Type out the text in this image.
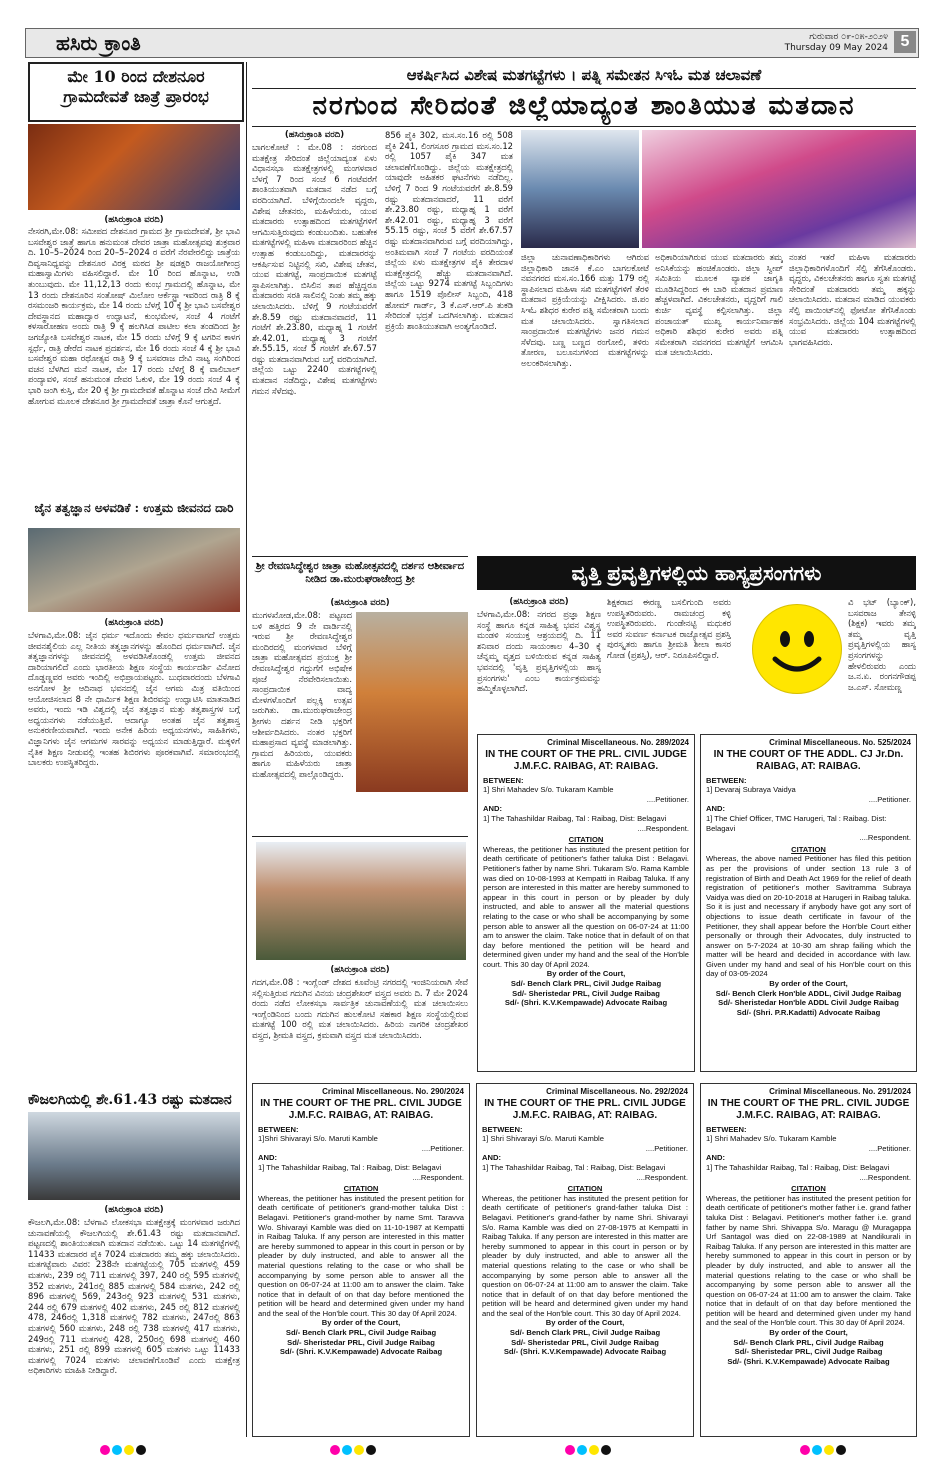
ಹಸಿರು ಕ್ರಾಂತಿ	ಗುರುವಾರ ೦೯-೦೫-೨೦೨೪
Thursday 09 May 2024 5
ಮೇ 10 ರಿಂದ ದೇಶನೂರ
ಗ್ರಾಮದೇವತೆ ಜಾತ್ರೆ ಪ್ರಾರಂಭ
(ಹಸಿರುಕ್ರಾಂತಿ ವರದಿ)
ನೇಸರಗಿ,ಮೇ.08: ಸಮೀಪದ ದೇಶನೂರ ಗ್ರಾಮದ ಶ್ರೀ ಗ್ರಾಮದೇವತೆ, ಶ್ರೀ ಭಾವಿ ಬಸವೇಶ್ವರ ಜಾತ್ರೆ ಹಾಗೂ ಹನುಮಂತ ದೇವರ ಜಾತ್ರಾ ಮಹೋತ್ಸವವು ಶುಕ್ರವಾರ ದಿ. 10–5–2024 ರಿಂದ 20–5–2024 ರ ವರೆಗೆ ನೆರವೇರಲಿದ್ದು ಜಾತ್ರೆಯ ದಿವ್ಯಸಾನಿಧ್ಯವನ್ನು ದೇಶನೂರ ವಿರಕ್ತ ಮಠದ ಶ್ರೀ ಷಡಕ್ಷರಿ ರಾಜಯೋಗೀಂದ್ರ ಮಹಾಸ್ವಾಮಿಗಳು ವಹಿಸಲಿದ್ದಾರೆ. ಮೇ 10 ರಿಂದ ಹೊನ್ನಾಟ, ಉಡಿ ತುಂಬುವುದು. ಮೇ 11,12,13 ರಂದು ಕುಂಭ ಗ್ರಾಮದಲ್ಲಿ ಹೊನ್ನಾಟ, ಮೇ 13 ರಂದು ದೇಶನೂರಿನ ಸಂತೋಷ್ ಮಿಲೋಂ ಆರ್ಕೆಸ್ಟ್ರಾ ಇವರಿಂದ ರಾತ್ರಿ 8 ಕ್ಕೆ ರಸಮಂಜರಿ ಕಾರ್ಯಕ್ರಮ, ಮೇ 14 ರಂದು ಬೆಳಗ್ಗೆ 10 ಕ್ಕೆ ಶ್ರೀ ಭಾವಿ ಬಸವೇಶ್ವರ ದೇವಸ್ಥಾನದ ಮಹಾದ್ವಾರ ಉದ್ಘಾಟನೆ, ಕುಂಭಮೇಳ, ಸಂಜೆ 4 ಗಂಟೆಗೆ ಕಳಸಾರೋಹಣ ಅಂದು ರಾತ್ರಿ 9 ಕ್ಕೆ ಹಲಗಿಸಿಡ ಪಾಟೀಲ ಕಲಾ ತಂಡದಿಂದ ಶ್ರೀ ಜಗಜ್ಯೋತಿ ಬಸವೇಶ್ವರ ನಾಟಕ, ಮೇ 15 ರಂದು ಬೆಳಿಗ್ಗೆ 9 ಕ್ಕೆ ಟಗರಿನ ಕಾಳಗ ಸ್ಪರ್ಧೆ, ರಾತ್ರಿ ಡೇರೆದ ನಾಟಕ ಪ್ರದರ್ಶನ, ಮೇ 16 ರಂದು ಸಂಜೆ 4 ಕ್ಕೆ ಶ್ರೀ ಭಾವಿ ಬಸವೇಶ್ವರ ಮಹಾ ರಥೋತ್ಸವ ರಾತ್ರಿ 9 ಕ್ಕೆ ಬಸವರಾಜ ದೇವಿ ನಾಟ್ಯ ಸಂಗಿರಿಂದ ವಚನ ಬೆಳಗಿದ ಮನೆ ನಾಟಕ, ಮೇ 17 ರಂದು ಬೆಳಿಗ್ಗೆ 8 ಕ್ಕೆ ವಾಲಿಬಾಲ್ ಪಂದ್ಯಾವಳಿ, ಸಂಜೆ ಹನುಮಂತ ದೇವರ ಓಕುಳಿ, ಮೇ 19 ರಂದು ಸಂಜೆ 4 ಕ್ಕೆ ಭಾರಿ ಜಂಗಿ ಕುಸ್ತಿ, ಮೇ 20 ಕ್ಕೆ ಶ್ರೀ ಗ್ರಾಮದೇವತೆ ಹೊನ್ನಾಟ ಸಂಜೆ ದೇವಿ ಸೀಮೆಗೆ ಹೋಗುವ ಮೂಲಕ ದೇಶನೂರ ಶ್ರೀ ಗ್ರಾಮದೇವತೆ ಜಾತ್ರಾ ಕೊನೆ ಆಗುತ್ತದೆ.
ಜೈನ ತತ್ವಜ್ಞಾನ ಅಳವಡಿಕೆ : ಉತ್ತಮ ಜೀವನದ ದಾರಿ
(ಹಸಿರುಕ್ರಾಂತಿ ವರದಿ)
ಬೆಳಗಾವಿ,ಮೇ.08: ಜೈನ ಧರ್ಮ ಇದೊಂದು ಕೇವಲ ಧರ್ಮವಾಗದೆ ಉತ್ತಮ ಜೀವನಶೈಲಿಯ ಎಲ್ಲ ನೀತಿಯ ತತ್ವಜ್ಞಾನಗಳನ್ನು ಹೊಂದಿದ ಧರ್ಮವಾಗಿದೆ. ಜೈನ ತತ್ವಜ್ಞಾನಗಳನ್ನು ಜೀವನದಲ್ಲಿ ಅಳವಡಿಸಿಕೊಂಡಲ್ಲಿ ಉತ್ತಮ ಜೀವನದ ದಾರಿಯಾಗಲಿದೆ ಎಂದು ಭಾರತೀಯ ಶಿಕ್ಷಣ ಸಂಸ್ಥೆಯ ಕಾರ್ಯದರ್ಶಿ ವಿನೋದ ದೊಡ್ಡಣ್ಣವರ ಅವರು ಇಂದಿಲ್ಲಿ ಅಭಿಪ್ರಾಯಪಟ್ಟರು. ಬುಧವಾರದಂದು ಬೆಳಗಾವಿ ಅನಗೋಳ ಶ್ರೀ ಆದಿನಾಥ ಭವನದಲ್ಲಿ ಜೈನ ಆಗಮ ಮಿತ್ರ ವತಿಯಿಂದ ಆಯೋಜಿಸಲಾದ 8 ನೇ ಧಾರ್ಮಿಕ ಶಿಕ್ಷಣ ಶಿಬಿರವನ್ನು ಉದ್ಘಾಟಿಸಿ ಮಾತನಾಡಿದ ಅವರು, ಇಂದು ಇಡಿ ವಿಶ್ವದಲ್ಲಿ ಜೈನ ತತ್ವಜ್ಞಾನ ಮತ್ತು ತತ್ವಶಾಸ್ತ್ರಗಳ ಬಗ್ಗೆ ಅಧ್ಯಯನಗಳು ನಡೆಯುತ್ತಿವೆ. ಆದಾಗ್ಯೂ ಅಂತಹ ಜೈನ ತತ್ವಶಾಸ್ತ್ರ ಅನುಕರಣೀಯವಾಗಿದೆ. ಇಂದು ಅನೇಕ ಹಿರಿಯ ಅಧ್ಯಯನಗಳು, ಸಾಹಿತಿಗಳು, ವಿಜ್ಞಾನಿಗಳು ಜೈನ ಆಗಮಗಳ ಸಾರವನ್ನು ಅಧ್ಯಯನ ಮಾಡುತ್ತಿದ್ದಾರೆ. ಮಕ್ಕಳಿಗೆ ನೈತಿಕ ಶಿಕ್ಷಣ ನೀಡುವಲ್ಲಿ ಇಂತಹ ಶಿಬಿರಗಳು ಪೂರಕವಾಗಿವೆ. ಸಮಾರಂಭದಲ್ಲಿ ಬಾಲಕರು ಉಪಸ್ಥಿತರಿದ್ದರು.
ಕೌಜಲಗಿಯಲ್ಲಿ ಶೇ.61.43 ರಷ್ಟು ಮತದಾನ
(ಹಸಿರುಕ್ರಾಂತಿ ವರದಿ)
ಕೌಜಲಗಿ,ಮೇ.08: ಬೆಳಗಾವಿ ಲೋಕಸಭಾ ಮತಕ್ಷೇತ್ರಕ್ಕೆ ಮಂಗಳವಾರ ಜರುಗಿದ ಚುನಾವಣೆಯಲ್ಲಿ ಕೌಜಲಗಿಯಲ್ಲಿ ಶೇ.61.43 ರಷ್ಟು ಮತದಾನವಾಗಿದೆ. ಪಟ್ಟಣದಲ್ಲಿ ಶಾಂತಿಯುತವಾಗಿ ಮತದಾನ ನಡೆಯಿತು. ಒಟ್ಟು 14 ಮತಗಟ್ಟೆಗಳಲ್ಲಿ 11433 ಮತದಾರರ ಪೈಕಿ 7024 ಮತದಾರರು ತಮ್ಮ ಹಕ್ಕು ಚಲಾಯಿಸಿದರು. ಮತಗಟ್ಟೆವಾರು ವಿವರ: 238ನೇ ಮತಗಟ್ಟೆಯಲ್ಲಿ 705 ಮತಗಳಲ್ಲಿ 459 ಮತಗಳು, 239 ರಲ್ಲಿ 711 ಮತಗಳಲ್ಲಿ 397, 240 ರಲ್ಲಿ 595 ಮತಗಳಲ್ಲಿ 352 ಮತಗಳು, 241ರಲ್ಲಿ 885 ಮತಗಳಲ್ಲಿ 584 ಮತಗಳು, 242 ರಲ್ಲಿ 896 ಮತಗಳಲ್ಲಿ 569, 243ರಲ್ಲಿ 923 ಮತಗಳಲ್ಲಿ 531 ಮತಗಳು, 244 ರಲ್ಲಿ 679 ಮತಗಳಲ್ಲಿ 402 ಮತಗಳು, 245 ರಲ್ಲಿ 812 ಮತಗಳಲ್ಲಿ 478, 246ರಲ್ಲಿ 1,318 ಮತಗಳಲ್ಲಿ 782 ಮತಗಳು, 247ರಲ್ಲಿ 863 ಮತಗಳಲ್ಲಿ 560 ಮತಗಳು, 248 ರಲ್ಲಿ 738 ಮತಗಳಲ್ಲಿ 417 ಮತಗಳು, 249ರಲ್ಲಿ 711 ಮತಗಳಲ್ಲಿ 428, 250ರಲ್ಲಿ 698 ಮತಗಳಲ್ಲಿ 460 ಮತಗಳು, 251 ರಲ್ಲಿ 899 ಮತಗಳಲ್ಲಿ 605 ಮತಗಳು ಒಟ್ಟು 11433 ಮತಗಳಲ್ಲಿ 7024 ಮತಗಳು ಚಲಾವಣೆಗೊಂಡಿವೆ ಎಂದು ಮತಕ್ಷೇತ್ರ ಅಧಿಕಾರಿಗಳು ಮಾಹಿತಿ ನೀಡಿದ್ದಾರೆ.
ಆಕರ್ಷಿಸಿದ ವಿಶೇಷ ಮತಗಟ್ಟೆಗಳು । ಪತ್ನಿ ಸಮೇತನ ಸಿಇಓ ಮತ ಚಲಾವಣೆ
ನರಗುಂದ ಸೇರಿದಂತೆ ಜಿಲ್ಲೆಯಾದ್ಯಂತ ಶಾಂತಿಯುತ ಮತದಾನ
(ಹಸಿರುಕ್ರಾಂತಿ ವರದಿ)
ಬಾಗಲಕೋಟೆ : ಮೇ.08 : ನರಗುಂದ ಮತಕ್ಷೇತ್ರ ಸೇರಿದಂತೆ ಜಿಲ್ಲೆಯಾದ್ಯಂತ ಏಳು ವಿಧಾನಸಭಾ ಮತಕ್ಷೇತ್ರಗಳಲ್ಲಿ ಮಂಗಳವಾರ ಬೆಳಗ್ಗೆ 7 ರಿಂದ ಸಂಜೆ 6 ಗಂಟೆವರೆಗೆ ಶಾಂತಿಯುತವಾಗಿ ಮತದಾನ ನಡೆದ ಬಗ್ಗೆ ವರದಿಯಾಗಿದೆ. ಬೆಳಿಗ್ಗೆಯಿಂದಲೇ ವೃದ್ದರು, ವಿಶೇಷ ಚೇತನರು, ಮಹಿಳೆಯರು, ಯುವ ಮತದಾರರು ಉತ್ಸಾಹದಿಂದ ಮತಗಟ್ಟೆಗಳಿಗೆ ಆಗಮಿಸುತ್ತಿರುವುದು ಕಂಡುಬಂದಿತು. ಬಹುತೇಕ ಮತಗಟ್ಟೆಗಳಲ್ಲಿ ಮಹಿಳಾ ಮತದಾರರಿಂದ ಹೆಚ್ಚಿನ ಉತ್ಸಾಹ ಕಂಡುಬಂದಿದ್ದು, ಮತದಾರರನ್ನು ಆಕರ್ಷಿಸುವ ನಿಟ್ಟಿನಲ್ಲಿ ಸಖಿ, ವಿಶೇಷ ಚೇತನ, ಯುವ ಮತಗಟ್ಟೆ, ಸಾಂಪ್ರದಾಯಿಕ ಮತಗಟ್ಟೆ ಸ್ಥಾಪಿಸಲಾಗಿತ್ತು. ಬಿಸಿಲಿನ ತಾಪ ಹೆಚ್ಚಿದ್ದರೂ ಮತದಾರರು ಸರತಿ ಸಾಲಿನಲ್ಲಿ ನಿಂತು ತಮ್ಮ ಹಕ್ಕು ಚಲಾಯಿಸಿದರು. ಬೆಳಿಗ್ಗೆ 9 ಗಂಟೆಯವರೆಗೆ ಶೇ.8.59 ರಷ್ಟು ಮತದಾನವಾದರೆ, 11 ಗಂಟೆಗೆ ಶೇ.23.80, ಮಧ್ಯಾಹ್ನ 1 ಗಂಟೆಗೆ ಶೇ.42.01, ಮಧ್ಯಾಹ್ನ 3 ಗಂಟೆಗೆ ಶೇ.55.15, ಸಂಜೆ 5 ಗಂಟೆಗೆ ಶೇ.67.57 ರಷ್ಟು ಮತದಾನವಾಗಿರುವ ಬಗ್ಗೆ ವರದಿಯಾಗಿದೆ. ಜಿಲ್ಲೆಯ ಒಟ್ಟು 2240 ಮತಗಟ್ಟೆಗಳಲ್ಲಿ ಮತದಾನ ನಡೆದಿದ್ದು, ವಿಶೇಷ ಮತಗಟ್ಟೆಗಳು ಗಮನ ಸೆಳೆದವು.
856 ಪೈಕಿ 302, ಮಸ.ಸಂ.16 ರಲ್ಲಿ 508 ಪೈಕಿ 241, ಲಿಂಗಸೂರ ಗ್ರಾಮದ ಮಸ.ಸಂ.12 ರಲ್ಲಿ 1057 ಪೈಕಿ 347 ಮತ ಚಲಾವಣೆಗೊಂಡಿದ್ದು. ಜಿಲ್ಲೆಯ ಮತಕ್ಷೇತ್ರದಲ್ಲಿ ಯಾವುದೇ ಅಹಿತಕರ ಘಟನೆಗಳು ನಡೆದಿಲ್ಲ. ಬೆಳಿಗ್ಗೆ 7 ರಿಂದ 9 ಗಂಟೆಯವರೆಗೆ ಶೇ.8.59 ರಷ್ಟು ಮತದಾನವಾದರೆ, 11 ವರೆಗೆ ಶೇ.23.80 ರಷ್ಟು, ಮಧ್ಯಾಹ್ನ 1 ವರೆಗೆ ಶೇ.42.01 ರಷ್ಟು, ಮಧ್ಯಾಹ್ನ 3 ವರೆಗೆ 55.15 ರಷ್ಟು, ಸಂಜೆ 5 ವರೆಗೆ ಶೇ.67.57 ರಷ್ಟು ಮತದಾನವಾಗಿರುವ ಬಗ್ಗೆ ವರದಿಯಾಗಿದ್ದು, ಅಂತಿಮವಾಗಿ ಸಂಜೆ 7 ಗಂಟೆಯ ವರದಿಯಂತೆ ಜಿಲ್ಲೆಯ ಏಳು ಮತಕ್ಷೇತ್ರಗಳ ಪೈಕಿ ತೇರದಾಳ ಮತಕ್ಷೇತ್ರದಲ್ಲಿ ಹೆಚ್ಚು ಮತದಾನವಾಗಿದೆ. ಜಿಲ್ಲೆಯ ಒಟ್ಟು 9274 ಮತಗಟ್ಟೆ ಸಿಬ್ಬಂದಿಗಳು ಹಾಗೂ 1519 ಪೊಲೀಸ್ ಸಿಬ್ಬಂದಿ, 418 ಹೋಮ್ ಗಾರ್ಡ್, 3 ಕೆ.ಎಸ್.ಆರ್.ಪಿ ತುಕಡಿ ಸೇರಿದಂತೆ ಭದ್ರತೆ ಒದಗಿಸಲಾಗಿತ್ತು. ಮತದಾನ ಪ್ರಕ್ರಿಯೆ ಶಾಂತಿಯುತವಾಗಿ ಅಂತ್ಯಗೊಂಡಿದೆ.
ಜಿಲ್ಲಾ ಚುನಾವಣಾಧಿಕಾರಿಗಳು ಆಗಿರುವ ಜಿಲ್ಲಾಧಿಕಾರಿ ಜಾನಕಿ ಕೆ.ಎಂ ಬಾಗಲಕೋಟೆ ನವನಗರದ ಮಸ.ಸಂ.166 ಮತ್ತು 179 ರಲ್ಲಿ ಸ್ಥಾಪಿಸಲಾದ ಮಹಿಳಾ ಸಖಿ ಮತಗಟ್ಟೆಗಳಿಗೆ ತೆರಳಿ ಮತದಾನ ಪ್ರಕ್ರಿಯೆಯನ್ನು ವೀಕ್ಷಿಸಿದರು. ಜಿ.ಪಂ ಸಿಇಓ ಶಶಿಧರ ಕುರೇರ ಪತ್ನಿ ಸಮೇತರಾಗಿ ಬಂದು ಮತ ಚಲಾಯಿಸಿದರು. ಸ್ವಾಗತಿಸಲಾದ ಸಾಂಪ್ರದಾಯಿಕ ಮತಗಟ್ಟೆಗಳು ಜನರ ಗಮನ ಸೆಳೆದವು. ಬಣ್ಣ ಬಣ್ಣದ ರಂಗೋಲಿ, ತಳಿರು ತೋರಣ, ಬಲೂನುಗಳಿಂದ ಮತಗಟ್ಟೆಗಳನ್ನು ಅಲಂಕರಿಸಲಾಗಿತ್ತು.
ಅಧಿಕಾರಿಯಾಗಿರುವ ಯುವ ಮತದಾರರು ತಮ್ಮ ಅನಿಸಿಕೆಯನ್ನು ಹಂಚಿಕೊಂಡರು. ಜಿಲ್ಲಾ ಸ್ವೀಪ್ ಸಮಿತಿಯ ಮೂಲಕ ವ್ಯಾಪಕ ಜಾಗೃತಿ ಮೂಡಿಸಿದ್ದರಿಂದ ಈ ಬಾರಿ ಮತದಾನ ಪ್ರಮಾಣ ಹೆಚ್ಚಳವಾಗಿದೆ. ವಿಕಲಚೇತನರು, ವೃದ್ದರಿಗೆ ಗಾಲಿ ಕುರ್ಚಿ ವ್ಯವಸ್ಥೆ ಕಲ್ಪಿಸಲಾಗಿತ್ತು. ಜಿಲ್ಲಾ ಪಂಚಾಯತ್ ಮುಖ್ಯ ಕಾರ್ಯನಿರ್ವಾಹಕ ಅಧಿಕಾರಿ ಶಶಿಧರ ಕುರೇರ ಅವರು ಪತ್ನಿ ಸಮೇತರಾಗಿ ನವನಗರದ ಮತಗಟ್ಟೆಗೆ ಆಗಮಿಸಿ ಮತ ಚಲಾಯಿಸಿದರು.
ನಂತರ ಇತರೆ ಮಹಿಳಾ ಮತದಾರರು ಜಿಲ್ಲಾಧಿಕಾರಿಗಳೊಂದಿಗೆ ಸೆಲ್ಫಿ ತೆಗೆಸಿಕೊಂಡರು. ವೃದ್ದರು, ವಿಕಲಚೇತನರು ಹಾಗೂ ಸ್ವತಃ ಮತಗಟ್ಟೆ ಸೇರಿದಂತೆ ಮತದಾರರು ತಮ್ಮ ಹಕ್ಕನ್ನು ಚಲಾಯಿಸಿದರು. ಮತದಾನ ಮಾಡಿದ ಯುವಕರು ಸೆಲ್ಫಿ ಪಾಯಿಂಟ್‌ನಲ್ಲಿ ಫೋಟೋ ತೆಗೆಸಿಕೊಂಡು ಸಂಭ್ರಮಿಸಿದರು. ಜಿಲ್ಲೆಯ 104 ಮತಗಟ್ಟೆಗಳಲ್ಲಿ ಯುವ ಮತದಾರರು ಉತ್ಸಾಹದಿಂದ ಭಾಗವಹಿಸಿದರು.
ಶ್ರೀ ರೇವಣಸಿದ್ಧೇಶ್ವರ ಜಾತ್ರಾ ಮಹೋತ್ಸವದಲ್ಲಿ ದರ್ಶನ ಆಶೀರ್ವಾದ ನೀಡಿದ ಡಾ.ಮುರುಘರಾಜೇಂದ್ರ ಶ್ರೀ
(ಹಸಿರುಕ್ರಾಂತಿ ವರದಿ)
ಮುಗಳಖೋಡ,ಮೇ.08: ಪಟ್ಟಣದ ಬಳಿ ಹತ್ತಿರದ 9 ನೇ ವಾರ್ಡಿನಲ್ಲಿ ಇರುವ ಶ್ರೀ ರೇವಣಸಿದ್ಧೇಶ್ವರ ಮಂದಿರದಲ್ಲಿ ಮಂಗಳವಾರ ಬೆಳಿಗ್ಗೆ ಜಾತ್ರಾ ಮಹೋತ್ಸವದ ಪ್ರಯುಕ್ತ ಶ್ರೀ ರೇವಣಸಿದ್ಧೇಶ್ವರ ಗದ್ದುಗೆಗೆ ಅಭಿಷೇಕ ಪೂಜೆ ನೆರವೇರಿಸಲಾಯಿತು. ಸಾಂಪ್ರದಾಯಿಕ ವಾದ್ಯ ಮೇಳಗಳೊಂದಿಗೆ ಪಲ್ಲಕ್ಕಿ ಉತ್ಸವ ಜರುಗಿತು. ಡಾ.ಮುರುಘರಾಜೇಂದ್ರ ಶ್ರೀಗಳು ದರ್ಶನ ನೀಡಿ ಭಕ್ತರಿಗೆ ಆಶೀರ್ವದಿಸಿದರು. ನಂತರ ಭಕ್ತರಿಗೆ ಮಹಾಪ್ರಸಾದ ವ್ಯವಸ್ಥೆ ಮಾಡಲಾಗಿತ್ತು. ಗ್ರಾಮದ ಹಿರಿಯರು, ಯುವಕರು ಹಾಗೂ ಮಹಿಳೆಯರು ಜಾತ್ರಾ ಮಹೋತ್ಸವದಲ್ಲಿ ಪಾಲ್ಗೊಂಡಿದ್ದರು.
(ಹಸಿರುಕ್ರಾಂತಿ ವರದಿ)
ಗದಗ,ಮೇ.08 : ಇಂಗ್ಲೆಂಡ್ ದೇಶದ ಕೂವೆಂಟ್ರಿ ನಗರದಲ್ಲಿ ಇಂಜಿನಿಯರಾಗಿ ಸೇವೆ ಸಲ್ಲಿಸುತ್ತಿರುವ ಗದುಗಿನ ವಿನಯ ಚಂದ್ರಶೇಖರ್ ವಸ್ತ್ರದ ಅವರು ದಿ. 7 ಮೇ 2024 ರಂದು ನಡೆದ ಲೋಕಸಭಾ ಸಾರ್ವತ್ರಿಕ ಚುನಾವಣೆಯಲ್ಲಿ ಮತ ಚಲಾಯಿಸಲು ಇಂಗ್ಲೆಂಡಿನಿಂದ ಬಂದು ಗದುಗಿನ ಹುಲಕೋಟಿ ಸಹಕಾರ ಶಿಕ್ಷಣ ಸಂಸ್ಥೆಯಲ್ಲಿರುವ ಮತಗಟ್ಟೆ 100 ರಲ್ಲಿ ಮತ ಚಲಾಯಿಸಿದರು. ಹಿರಿಯ ನಾಗರಿಕ ಚಂದ್ರಶೇಖರ ವಸ್ತ್ರದ, ಶ್ರೀಮತಿ ವಸ್ತ್ರದ, ಕ್ರಮವಾಗಿ ವಸ್ತ್ರದ ಮತ ಚಲಾಯಿಸಿದರು.
ವೃತ್ತಿ ಪ್ರವೃತ್ತಿಗಳಲ್ಲಿಯ ಹಾಸ್ಯಪ್ರಸಂಗಗಳು
(ಹಸಿರುಕ್ರಾಂತಿ ವರದಿ)
ಬೆಳಗಾವಿ,ಮೇ.08: ನಗರದ ಪ್ರಜ್ಞಾ ಶಿಕ್ಷಣ ಸಂಸ್ಥೆ ಹಾಗೂ ಕನ್ನಡ ಸಾಹಿತ್ಯ ಭವನ ವಿಶ್ವಸ್ಥ ಮಂಡಳಿ ಸಂಯುಕ್ತ ಆಶ್ರಯದಲ್ಲಿ ದಿ. 11 ಶನಿವಾರ ದಂದು ಸಾಯಂಕಾಲ 4–30 ಕ್ಕೆ ಚೆನ್ನಮ್ಮ ವೃತ್ತದ ಬಳಿಯಿರುವ ಕನ್ನಡ ಸಾಹಿತ್ಯ ಭವನದಲ್ಲಿ 'ವೃತ್ತಿ ಪ್ರವೃತ್ತಿಗಳಲ್ಲಿಯ ಹಾಸ್ಯ ಪ್ರಸಂಗಗಳು' ಎಂಬ ಕಾರ್ಯಕ್ರಮವನ್ನು ಹಮ್ಮಿಕೊಳ್ಳಲಾಗಿದೆ.
ಶಿಕ್ಷಕರಾದ ಈರಣ್ಣ ಬಸಲಿಗುಂದಿ ಅವರು ಉಪಸ್ಥಿತರಿರುವರು. ರಾಮಚಂದ್ರ ಕಳ್ಳಿ ಉಪಸ್ಥಿತರಿರುವರು. ಗುಂಡೇನಟ್ಟಿ ಮಧುಕರ ಅವರ ಸುವರ್ಣ ಕರ್ನಾಟಕ ರಾಜ್ಯೋತ್ಸವ ಪ್ರಶಸ್ತಿ ಪುರಸ್ಕೃತರು ಹಾಗೂ ಶ್ರೀಮತಿ ಶೀಲಾ ಕಾಸರ ಗೋಡ (ಪ್ರಶಸ್ತಿ), ಆರ್. ನಿರೂಪಿಸಲಿದ್ದಾರೆ.
ವಿ ಭಟ್ (ಬ್ಯಾಂಕ್), ಬಸವರಾಜ ತೇನಳ್ಳಿ (ಶಿಕ್ಷಕ) ಇವರು ತಮ್ಮ ತಮ್ಮ ವೃತ್ತಿ ಪ್ರವೃತ್ತಿಗಳಲ್ಲಿಯ ಹಾಸ್ಯ ಪ್ರಸಂಗಗಳನ್ನು ಹೇಳಲಿರುವರು ಎಂದು ಜ.ನ.ಏ. ರಂಗನಗೌಡಪ್ಪ ಜ.ಎಸ್. ಸೋಮಣ್ಣ
Criminal Miscellaneous. No. 289/2024
IN THE COURT OF THE PRL. CIVIL JUDGE J.M.F.C. RAIBAG, AT: RAIBAG.
BETWEEN:
1] Shri Mahadev S/o. Tukaram Kamble
....Petitioner.
AND:
1] The Tahashildar Raibag, Tal : Raibag, Dist: Belagavi
....Respondent.
CITATION
Whereas, the petitioner has instituted the present petition for death certificate of petitioner's father taluka Dist : Belagavi. Petitioner's father by name Shri. Tukaram S/o. Rama Kamble was died on 10-08-1993 at Kempatti in Raibag Taluka. If any person are interested in this matter are hereby summoned to appear in this court in person or by pleader by duly instructed, and able to answer all the material questions relating to the case or who shall be accompanying by some person able to answer all the question on 06-07-24 at 11:00 am to answer the claim. Take notice that in default of on that day before mentioned the petition will be heard and determined given under my hand and the seal of the Hon'ble court. This 30 day 0f April 2024.
By order of the Court,
Sd/- Bench Clark PRL, Civil Judge Raibag
Sd/- Sheristedar PRL, Civil Judge Raibag
Sd/- (Shri. K.V.Kempawade) Advocate Raibag
Criminal Miscellaneous. No. 525/2024
IN THE COURT OF THE ADDL. CJ Jr.Dn. RAIBAG, AT: RAIBAG.
BETWEEN:
1] Devaraj Subraya Vaidya
....Petitioner.
AND:
1] The Chief Officer, TMC Harugeri, Tal : Raibag. Dist: Belagavi
....Respondent.
CITATION
Whereas, the above named Petitioner has filed this petition as per the provisions of under section 13 rule 3 of registration of Birth and Death Act 1969 for the relief of death registration of petitioner's mother Savitramma Subraya Vaidya was died on 20-10-2018 at Harugeri in Raibag taluka. So it is just and necessary if anybody have got any sort of objections to issue death certificate in favour of the Petitioner, they shall appear before the Hon'ble Court either personally or through their Advocates, duly instructed to answer on 5-7-2024 at 10-30 am shrap failing which the matter will be heard and decided in accordance with law. Given under my hand and seal of his Hon'ble court on this day of 03-05-2024
By order of the Court,
Sd/- Bench Clerk Hon'ble ADDL, Civil Judge Raibag
Sd/- Sheristedar Hon'ble ADDL Civil Judge Raibag
Sd/- (Shri. P.R.Kadatti) Advocate Raibag
Criminal Miscellaneous. No. 290/2024
IN THE COURT OF THE PRL. CIVIL JUDGE J.M.F.C. RAIBAG, AT: RAIBAG.
BETWEEN:
1]Shri Shivarayi S/o. Maruti Kamble
....Petitioner.
AND:
1] The Tahashildar Raibag, Tal : Raibag, Dist: Belagavi
....Respondent.
CITATION
Whereas, the petitioner has instituted the present petition for death certificate of petitioner's grand-mother taluka Dist : Belagavi. Petitioner's grand-mother by name Smt. Taravva W/o. Shivarayi Kamble was died on 11-10-1987 at Kempatti in Raibag Taluka. If any person are interested in this matter are hereby summoned to appear in this court in person or by pleader by duly instructed, and able to answer all the material questions relating to the case or who shall be accompanying by some person able to answer all the question on 06-07-24 at 11:00 am to answer the claim. Take notice that in default of on that day before mentioned the petition will be heard and determined given under my hand and the seal of the Hon'ble court. This 30 day 0f April 2024.
By order of the Court,
Sd/- Bench Clark PRL, Civil Judge Raibag
Sd/- Sheristedar PRL, Civil Judge Raibag
Sd/- (Shri. K.V.Kempawade) Advocate Raibag
Criminal Miscellaneous. No. 292/2024
IN THE COURT OF THE PRL. CIVIL JUDGE J.M.F.C. RAIBAG, AT: RAIBAG.
BETWEEN:
1] Shri Shivarayi S/o. Maruti Kamble
....Petitioner.
AND:
1] The Tahashildar Raibag, Tal : Raibag, Dist: Belagavi
....Respondent.
CITATION
Whereas, the petitioner has instituted the present petition for death certificate of petitioner's grand-father taluka Dist : Belagavi. Petitioner's grand-father by name Shri. Shivarayi S/o. Rama Kamble was died on 27-08-1975 at Kempatti in Raibag Taluka. If any person are interested in this matter are hereby summoned to appear in this court in person or by pleader by duly instructed, and able to answer all the material questions relating to the case or who shall be accompanying by some person able to answer all the question on 06-07-24 at 11:00 am to answer the claim. Take notice that in default of on that day before mentioned the petition will be heard and determined given under my hand and the seal of the Hon'ble court. This 30 day 0f April 2024.
By order of the Court,
Sd/- Bench Clark PRL, Civil Judge Raibag
Sd/- Sheristedar PRL, Civil Judge Raibag
Sd/- (Shri. K.V.Kempawade) Advocate Raibag
Criminal Miscellaneous. No. 291/2024
IN THE COURT OF THE PRL. CIVIL JUDGE J.M.F.C. RAIBAG, AT: RAIBAG.
BETWEEN:
1] Shri Mahadev S/o. Tukaram Kamble
....Petitioner.
AND:
1] The Tahashildar Raibag, Tal : Raibag, Dist: Belagavi
....Respondent.
CITATION
Whereas, the petitioner has instituted the present petition for death certificate of petitioner's mother father i.e. grand father taluka Dist : Belagavi. Petitioner's mother father i.e. grand father by name Shri. Shivappa S/o. Maragu @ Muragappa Urf Santagol was died on 22-08-1989 at Nandikurali in Raibag Taluka. If any person are interested in this matter are hereby summoned to appear in this court in person or by pleader by duly instructed, and able to answer all the material questions relating to the case or who shall be accompanying by some person able to answer all the question on 06-07-24 at 11:00 am to answer the claim. Take notice that in default of on that day before mentioned the petition will be heard and determined given under my hand and the seal of the Hon'ble court. This 30 day 0f April 2024.
By order of the Court,
Sd/- Bench Clark PRL, Civil Judge Raibag
Sd/- Sheristedar PRL, Civil Judge Raibag
Sd/- (Shri. K.V.Kempawade) Advocate Raibag
